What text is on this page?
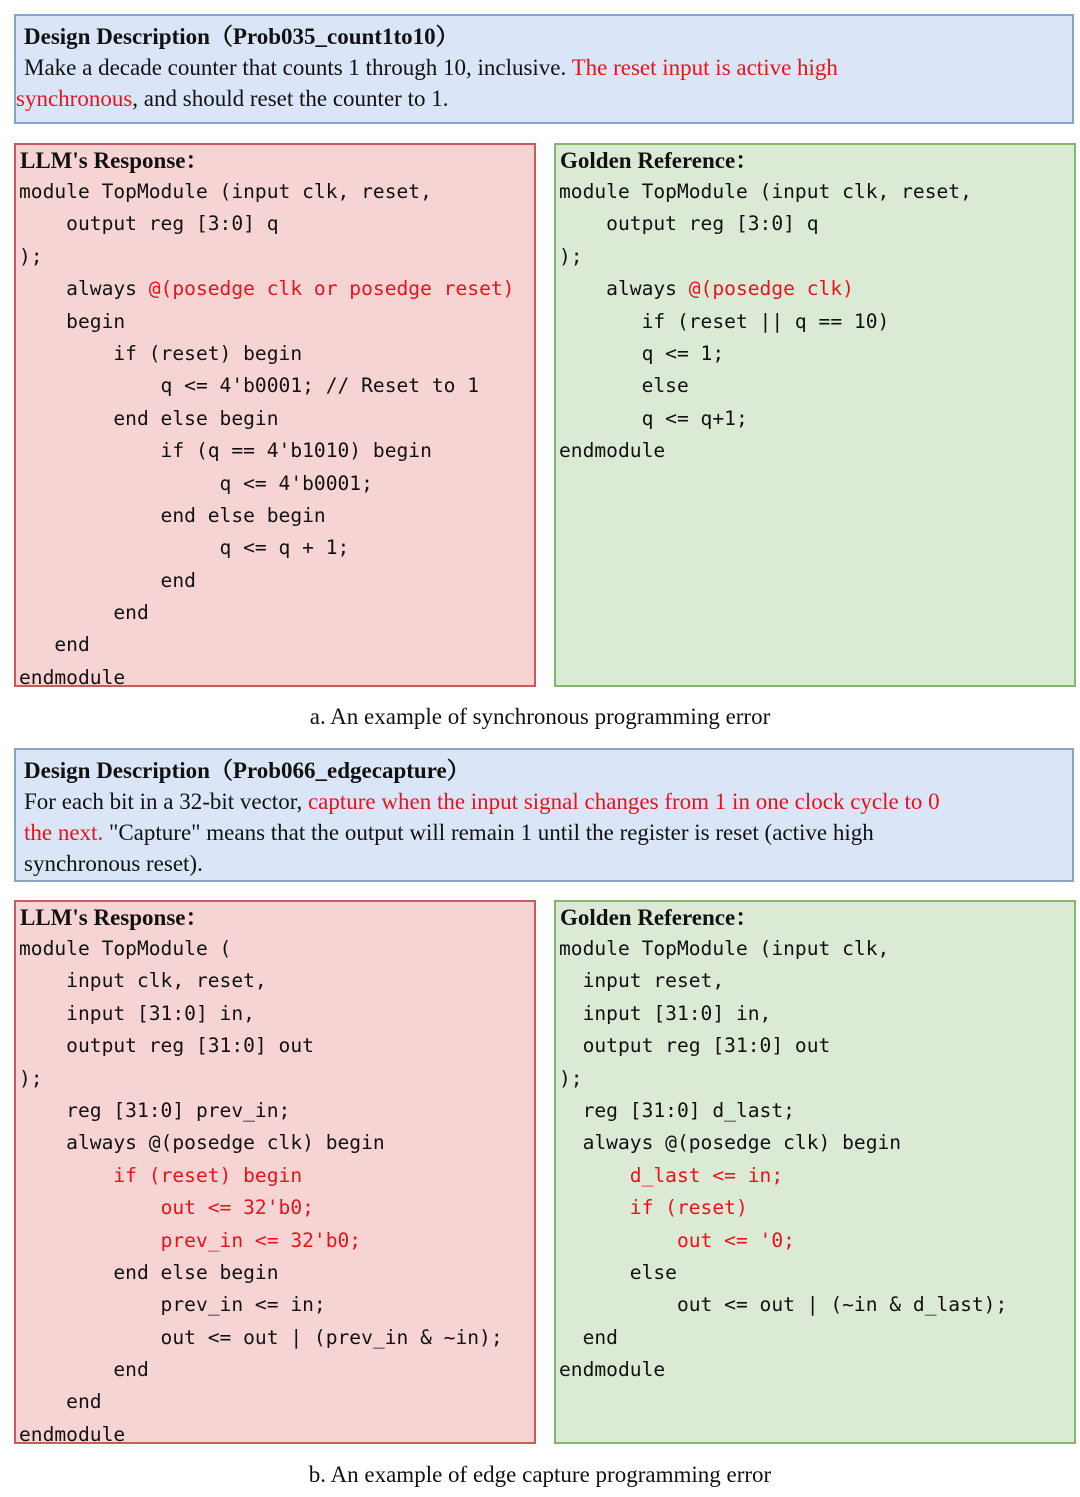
Design Description（Prob035_count1to10）
Make a decade counter that counts 1 through 10, inclusive. The reset input is active high
synchronous, and should reset the counter to 1.
LLM's Response：
module TopModule (input clk, reset,
output reg [3:0] q
);
always @(posedge clk or posedge reset)
begin
if (reset) begin
q <= 4'b0001; // Reset to 1
end else begin
if (q == 4'b1010) begin
q <= 4'b0001;
end else begin
q <= q + 1;
end
end
end
endmodule
Golden Reference：
module TopModule (input clk, reset,
output reg [3:0] q
);
always @(posedge clk)
if (reset || q == 10)
q <= 1;
else
q <= q+1;
endmodule
a. An example of synchronous programming error
Design Description（Prob066_edgecapture）
For each bit in a 32-bit vector, capture when the input signal changes from 1 in one clock cycle to 0
the next. "Capture" means that the output will remain 1 until the register is reset (active high
synchronous reset).
LLM's Response：
module TopModule (
input clk, reset,
input [31:0] in,
output reg [31:0] out
);
reg [31:0] prev_in;
always @(posedge clk) begin
if (reset) begin
out <= 32'b0;
prev_in <= 32'b0;
end else begin
prev_in <= in;
out <= out | (prev_in & ~in);
end
end
endmodule
Golden Reference：
module TopModule (input clk,
input reset,
input [31:0] in,
output reg [31:0] out
);
reg [31:0] d_last;
always @(posedge clk) begin
d_last <= in;
if (reset)
out <= '0;
else
out <= out | (~in & d_last);
end
endmodule
b. An example of edge capture programming error
